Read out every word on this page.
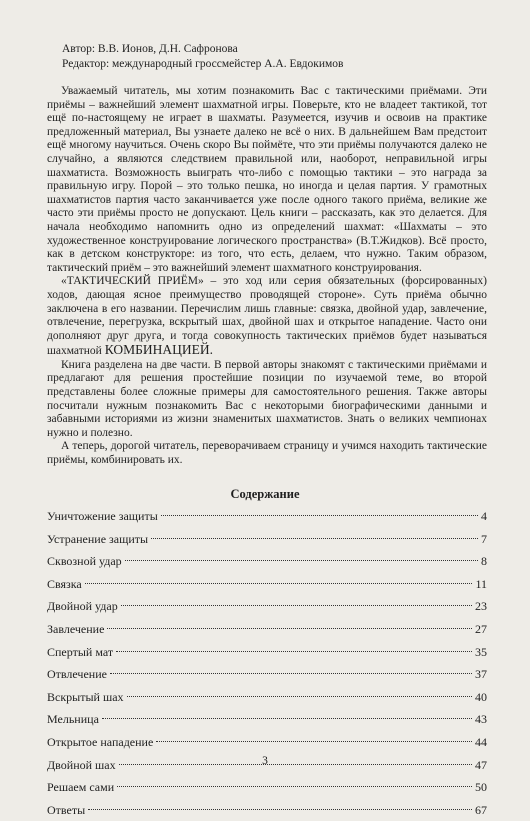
Автор: В.В. Ионов, Д.Н. Сафронова
Редактор: международный гроссмейстер А.А. Евдокимов

Уважаемый читатель, мы хотим познакомить Вас с тактическими приёмами. Эти приёмы – важнейший элемент шахматной игры. Поверьте, кто не владеет тактикой, тот ещё по-настоящему не играет в шахматы. Разумеется, изучив и освоив на практике предложенный материал, Вы узнаете далеко не всё о них. В дальнейшем Вам предстоит ещё многому научиться. Очень скоро Вы поймёте, что эти приёмы получаются далеко не случайно, а являются следствием правильной или, наоборот, неправильной игры шахматиста. Возможность выиграть что-либо с помощью тактики – это награда за правильную игру. Порой – это только пешка, но иногда и целая партия. У грамотных шахматистов партия часто заканчивается уже после одного такого приёма, великие же часто эти приёмы просто не допускают. Цель книги – рассказать, как это делается. Для начала необходимо напомнить одно из определений шахмат: «Шахматы – это художественное конструирование логического пространства» (В.Т.Жидков). Всё просто, как в детском конструкторе: из того, что есть, делаем, что нужно. Таким образом, тактический приём – это важнейший элемент шахматного конструирования.

«ТАКТИЧЕСКИЙ ПРИЁМ» – это ход или серия обязательных (форсированных) ходов, дающая ясное преимущество проводящей стороне». Суть приёма обычно заключена в его названии. Перечислим лишь главные: связка, двойной удар, завлечение, отвлечение, перегрузка, вскрытый шах, двойной шах и открытое нападение. Часто они дополняют друг друга, и тогда совокупность тактических приёмов будет называться шахматной КОМБИНАЦИЕЙ.

Книга разделена на две части. В первой авторы знакомят с тактическими приёмами и предлагают для решения простейшие позиции по изучаемой теме, во второй представлены более сложные примеры для самостоятельного решения. Также авторы посчитали нужным познакомить Вас с некоторыми биографическими данными и забавными историями из жизни знаменитых шахматистов. Знать о великих чемпионах нужно и полезно.

А теперь, дорогой читатель, переворачиваем страницу и учимся находить тактические приёмы, комбинировать их.

Содержание
Уничтожение защиты	4
Устранение защиты	7
Сквозной удар	8
Связка	11
Двойной удар	23
Завлечение	27
Спертый мат	35
Отвлечение	37
Вскрытый шах	40
Мельница	43
Открытое нападение	44
Двойной шах	47
Решаем сами	50
Ответы	67
3
